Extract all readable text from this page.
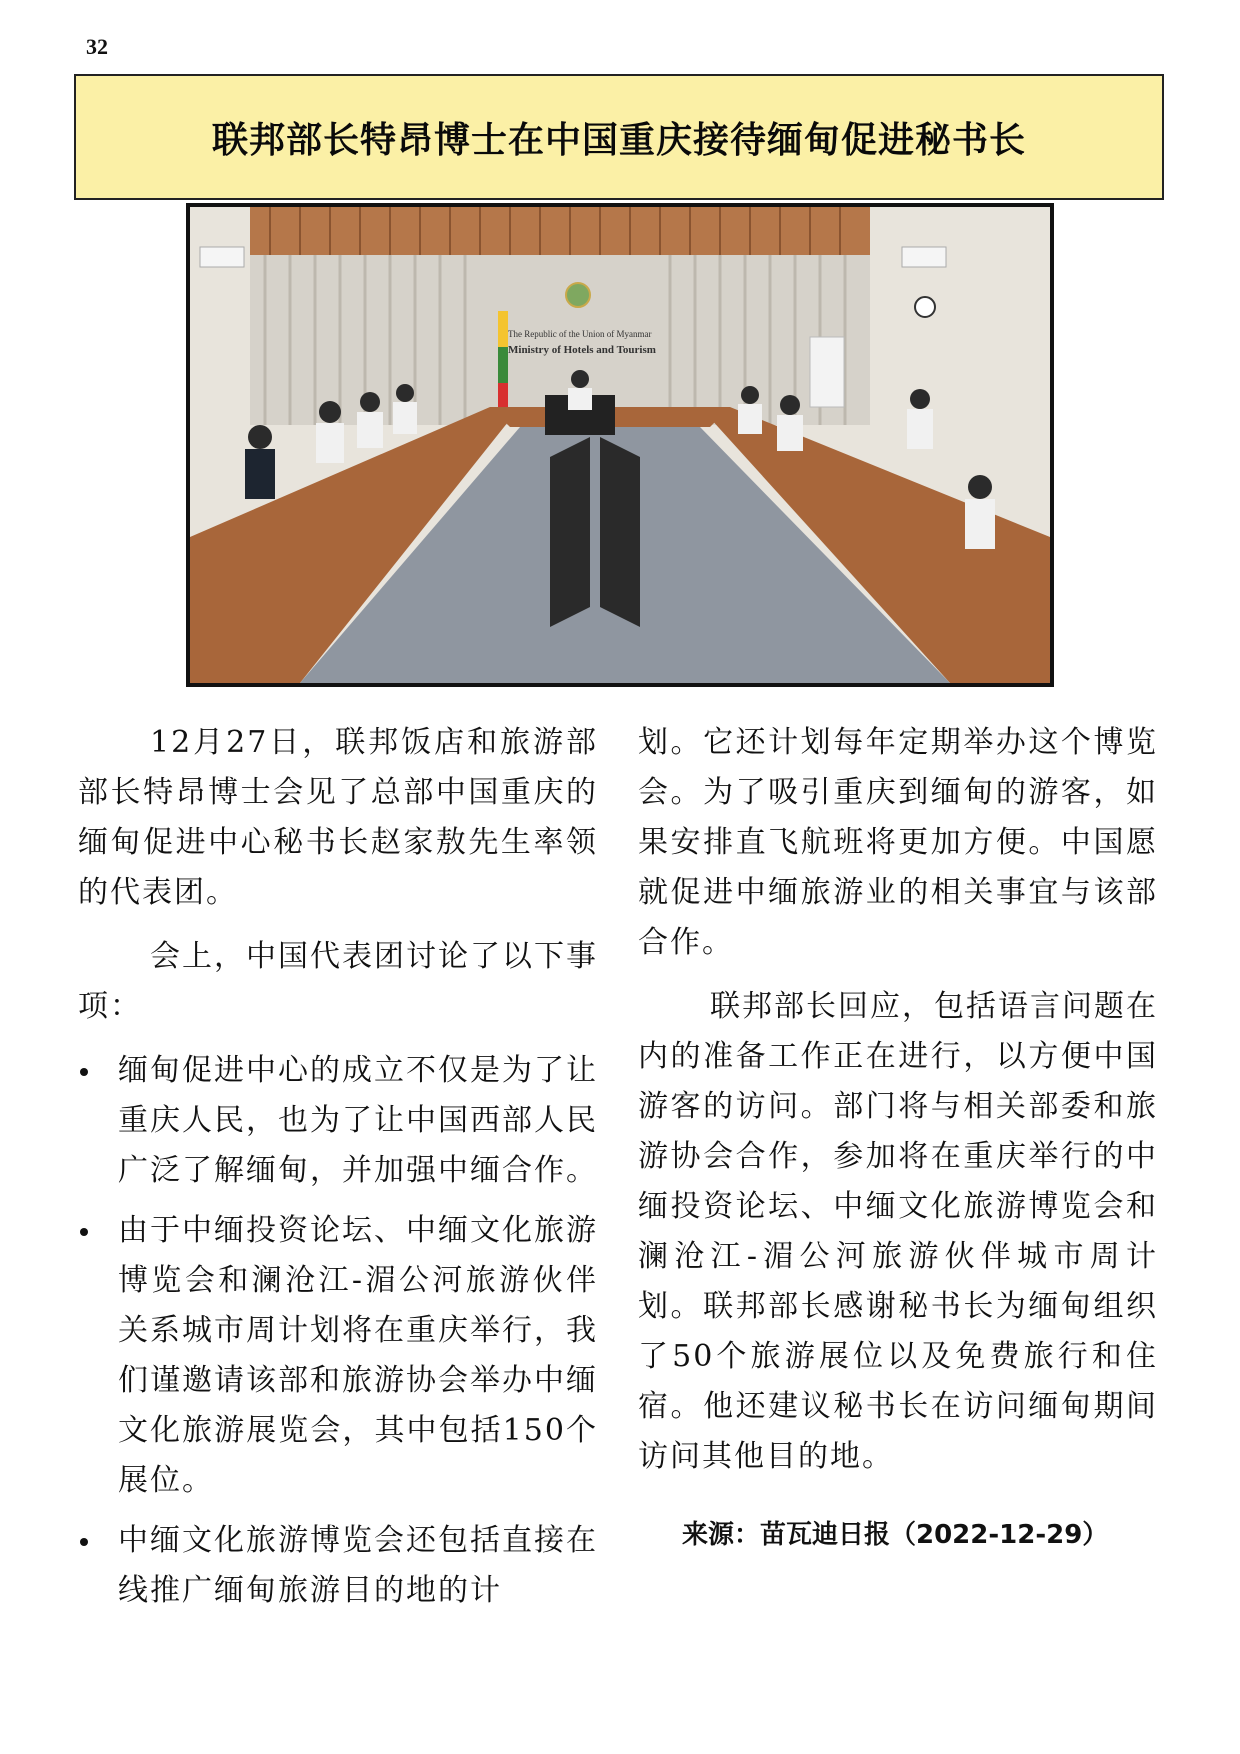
32
联邦部长特昂博士在中国重庆接待缅甸促进秘书长
The Republic of the Union of Myanmar
Ministry of Hotels and Tourism

12月27日，联邦饭店和旅游部部长特昂博士会见了总部中国重庆的缅甸促进中心秘书长赵家敖先生率领的代表团。

会上，中国代表团讨论了以下事项：

缅甸促进中心的成立不仅是为了让重庆人民，也为了让中国西部人民广泛了解缅甸，并加强中缅合作。
由于中缅投资论坛、中缅文化旅游博览会和澜沧江-湄公河旅游伙伴关系城市周计划将在重庆举行，我们谨邀请该部和旅游协会举办中缅文化旅游展览会，其中包括150个展位。
中缅文化旅游博览会还包括直接在线推广缅甸旅游目的地的计

划。它还计划每年定期举办这个博览会。为了吸引重庆到缅甸的游客，如果安排直飞航班将更加方便。中国愿就促进中缅旅游业的相关事宜与该部合作。

联邦部长回应，包括语言问题在内的准备工作正在进行，以方便中国游客的访问。部门将与相关部委和旅游协会合作，参加将在重庆举行的中缅投资论坛、中缅文化旅游博览会和澜沧江-湄公河旅游伙伴城市周计划。联邦部长感谢秘书长为缅甸组织了50个旅游展位以及免费旅行和住宿。他还建议秘书长在访问缅甸期间访问其他目的地。

来源：苗瓦迪日报（2022-12-29）
